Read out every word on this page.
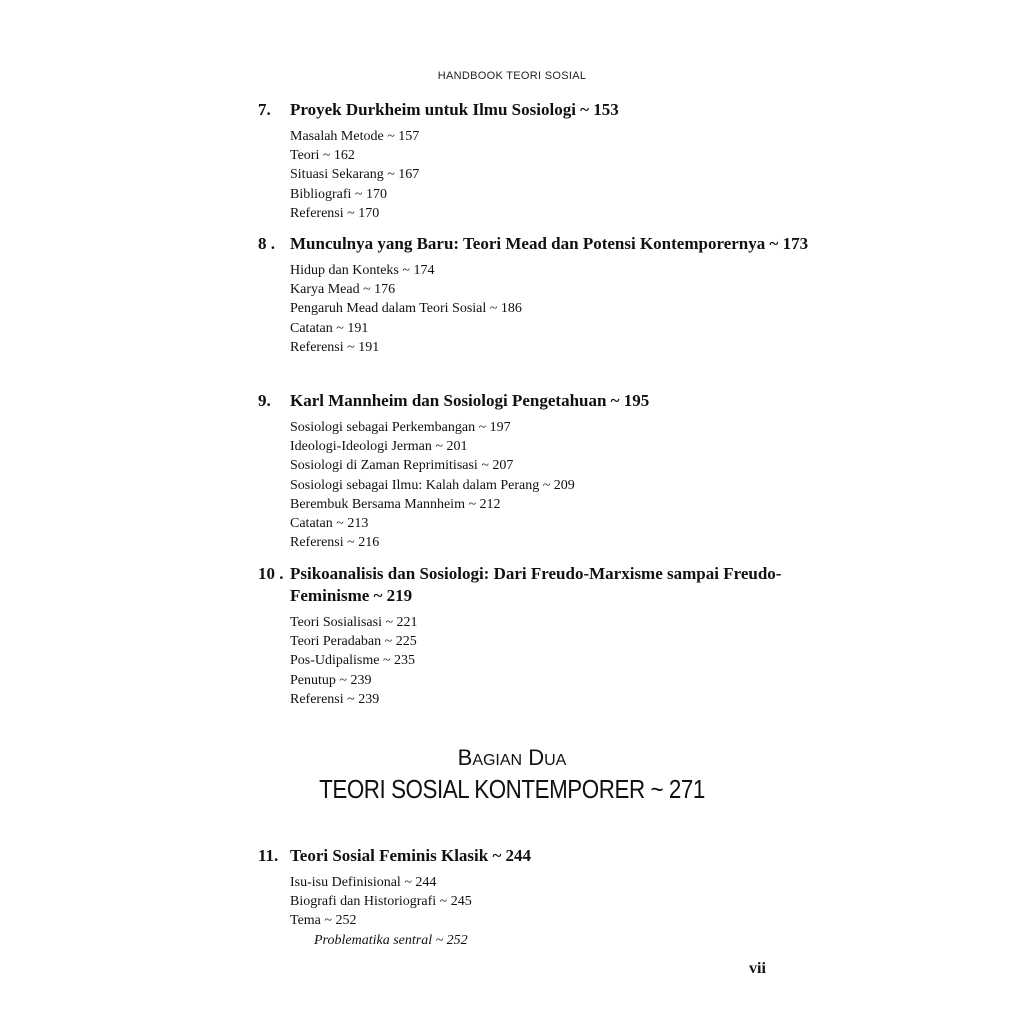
HANDBOOK TEORI SOSIAL
7.	Proyek Durkheim untuk Ilmu Sosiologi ~ 153
Masalah Metode ~ 157
Teori ~ 162
Situasi Sekarang ~ 167
Bibliografi ~ 170
Referensi ~ 170
8 . Munculnya yang Baru: Teori Mead dan Potensi Kontemporernya ~ 173
Hidup dan Konteks ~ 174
Karya Mead ~ 176
Pengaruh Mead dalam Teori Sosial ~ 186
Catatan ~ 191
Referensi ~ 191
9.	Karl Mannheim dan Sosiologi Pengetahuan ~ 195
Sosiologi sebagai Perkembangan ~ 197
Ideologi-Ideologi Jerman ~ 201
Sosiologi di Zaman Reprimitisasi ~ 207
Sosiologi sebagai Ilmu: Kalah dalam Perang ~ 209
Berembuk Bersama Mannheim ~ 212
Catatan ~ 213
Referensi ~ 216
10 . Psikoanalisis dan Sosiologi: Dari Freudo-Marxisme sampai Freudo-Feminisme ~ 219
Teori Sosialisasi ~ 221
Teori Peradaban ~ 225
Pos-Udipalisme ~ 235
Penutup ~ 239
Referensi ~ 239
BAGIAN DUA
TEORI SOSIAL KONTEMPORER ~ 271
11. Teori Sosial Feminis Klasik ~ 244
Isu-isu Definisional ~ 244
Biografi dan Historiografi ~ 245
Tema ~ 252
Problematika sentral ~ 252
vii
